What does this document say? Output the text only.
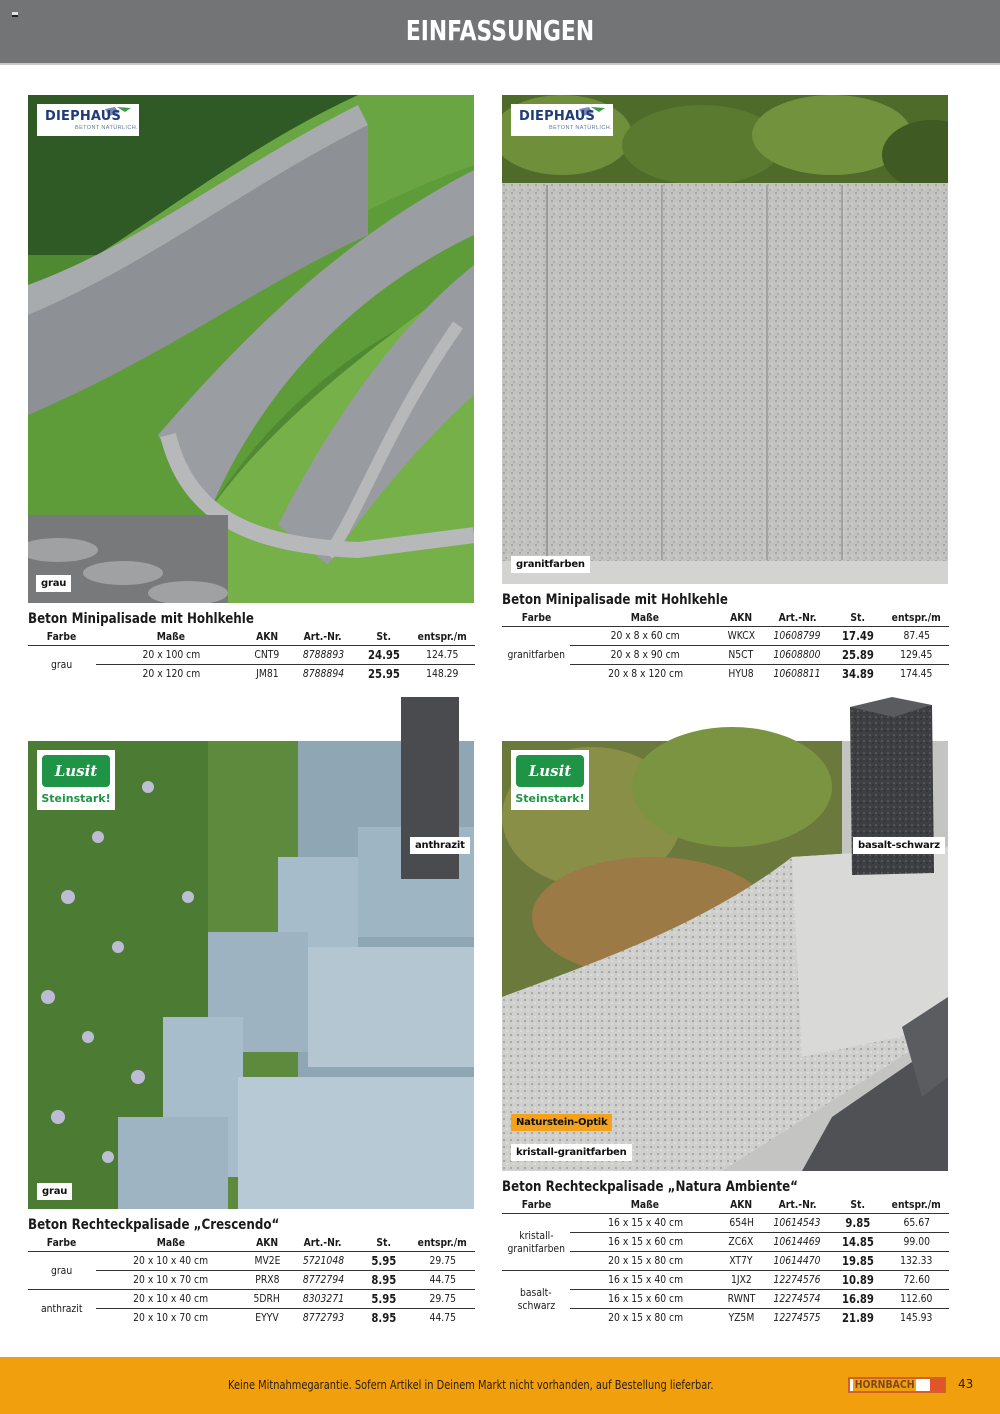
EINFASSUNGEN
DIEPHAUS
BETONT NATÜRLICH.
grau
DIEPHAUS
BETONT NATÜRLICH.
granitfarben
Beton Minipalisade mit Hohlkehle
Farbe	Maße	AKN	Art.-Nr.	St.	entspr./m
grau	20 x 100 cm	CNT9	8788893	24.95	124.75
	20 x 120 cm	JM81	8788894	25.95	148.29
Beton Minipalisade mit Hohlkehle
Farbe	Maße	AKN	Art.-Nr.	St.	entspr./m
granitfarben	20 x 8 x 60 cm	WKCX	10608799	17.49	87.45
	20 x 8 x 90 cm	N5CT	10608800	25.89	129.45
	20 x 8 x 120 cm	HYU8	10608811	34.89	174.45
Lusit
Steinstark!
anthrazit
grau
Lusit
Steinstark!
basalt-schwarz
Naturstein-Optik
kristall-granitfarben
Beton Rechteckpalisade „Crescendo“
Farbe	Maße	AKN	Art.-Nr.	St.	entspr./m
grau	20 x 10 x 40 cm	MV2E	5721048	5.95	29.75
	20 x 10 x 70 cm	PRX8	8772794	8.95	44.75
anthrazit	20 x 10 x 40 cm	5DRH	8303271	5.95	29.75
	20 x 10 x 70 cm	EYYV	8772793	8.95	44.75
Beton Rechteckpalisade „Natura Ambiente“
Farbe	Maße	AKN	Art.-Nr.	St.	entspr./m
kristall-
granitfarben	16 x 15 x 40 cm	654H	10614543	9.85	65.67
	16 x 15 x 60 cm	ZC6X	10614469	14.85	99.00
	20 x 15 x 80 cm	XT7Y	10614470	19.85	132.33
basalt-
schwarz	16 x 15 x 40 cm	1JX2	12274576	10.89	72.60
	16 x 15 x 60 cm	RWNT	12274574	16.89	112.60
	20 x 15 x 80 cm	YZ5M	12274575	21.89	145.93
Keine Mitnahmegarantie. Sofern Artikel in Deinem Markt nicht vorhanden, auf Bestellung lieferbar.	HORNBACH	43
